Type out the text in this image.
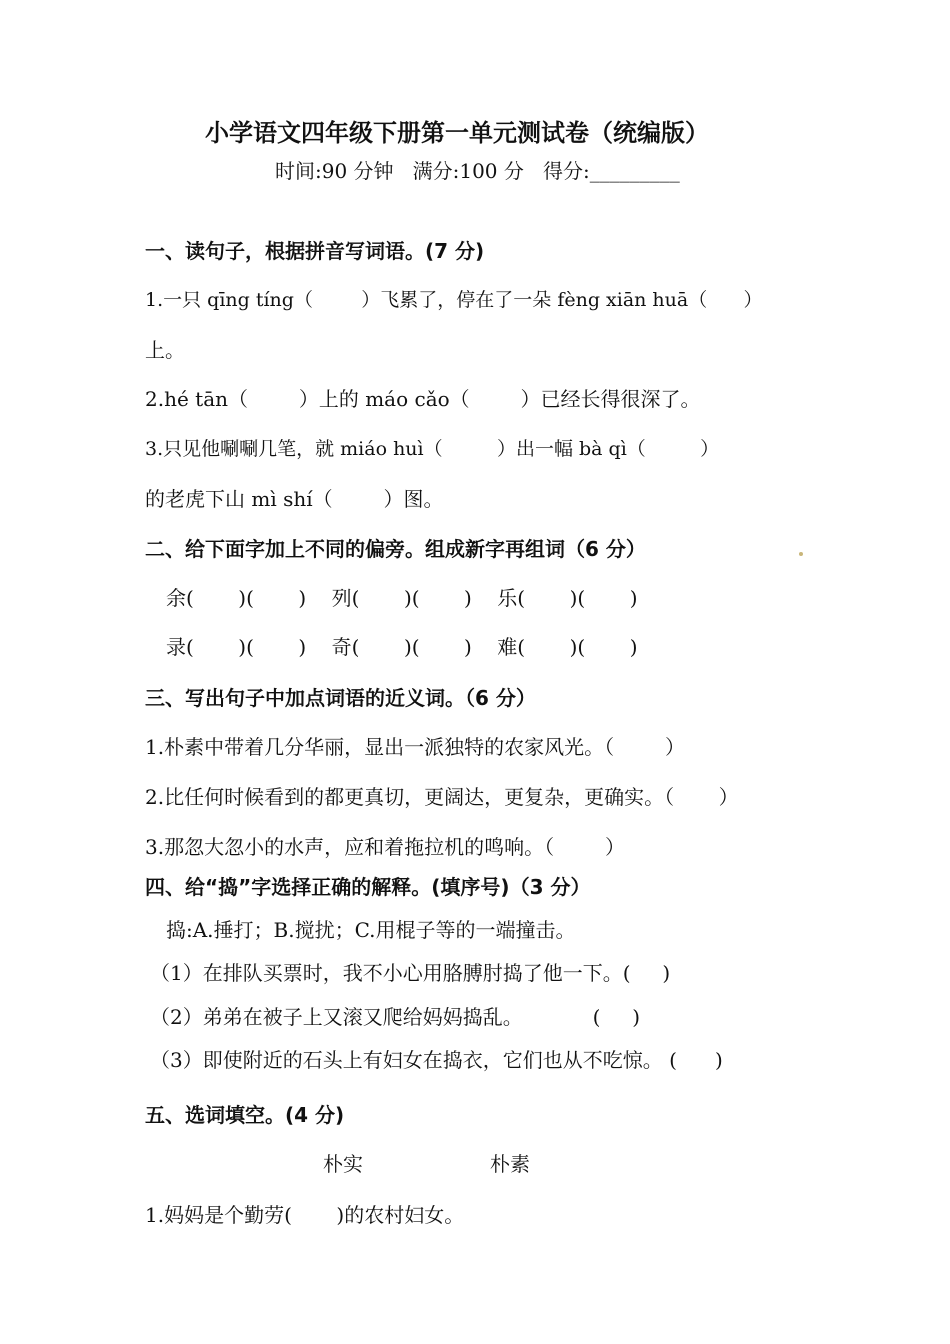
小学语文四年级下册第一单元测试卷（统编版）
时间:90 分钟   满分:100 分   得分:_________
一、读句子，根据拼音写词语。(7 分)
1.一只 qīng tíng（        ）飞累了，停在了一朵 fèng xiān huā（      ）
上。
2.hé tān（        ）上的 máo cǎo（        ）已经长得很深了。
3.只见他唰唰几笔，就 miáo huì（         ）出一幅 bà qì（         ）
的老虎下山 mì shí（        ）图。
二、给下面字加上不同的偏旁。组成新字再组词（6 分）
余(       )(       )    列(       )(       )    乐(       )(       )
录(       )(       )    奇(       )(       )    难(       )(       )
三、写出句子中加点词语的近义词。（6 分）
1.朴素中带着几分华丽，显出一派独特的农家风光。（        ）
2.比任何时候看到的都更真切，更阔达，更复杂，更确实。（       ）
3.那忽大忽小的水声，应和着拖拉机的鸣响。（        ）
四、给“捣”字选择正确的解释。(填序号)（3 分）
捣:A.捶打；B.搅扰；C.用棍子等的一端撞击。
（1）在排队买票时，我不小心用胳膊肘捣了他一下。(     )
（2）弟弟在被子上又滚又爬给妈妈捣乱。           (     )
（3）即使附近的石头上有妇女在捣衣，它们也从不吃惊。 (      )
五、选词填空。(4 分)
朴实	朴素
1.妈妈是个勤劳(       )的农村妇女。
